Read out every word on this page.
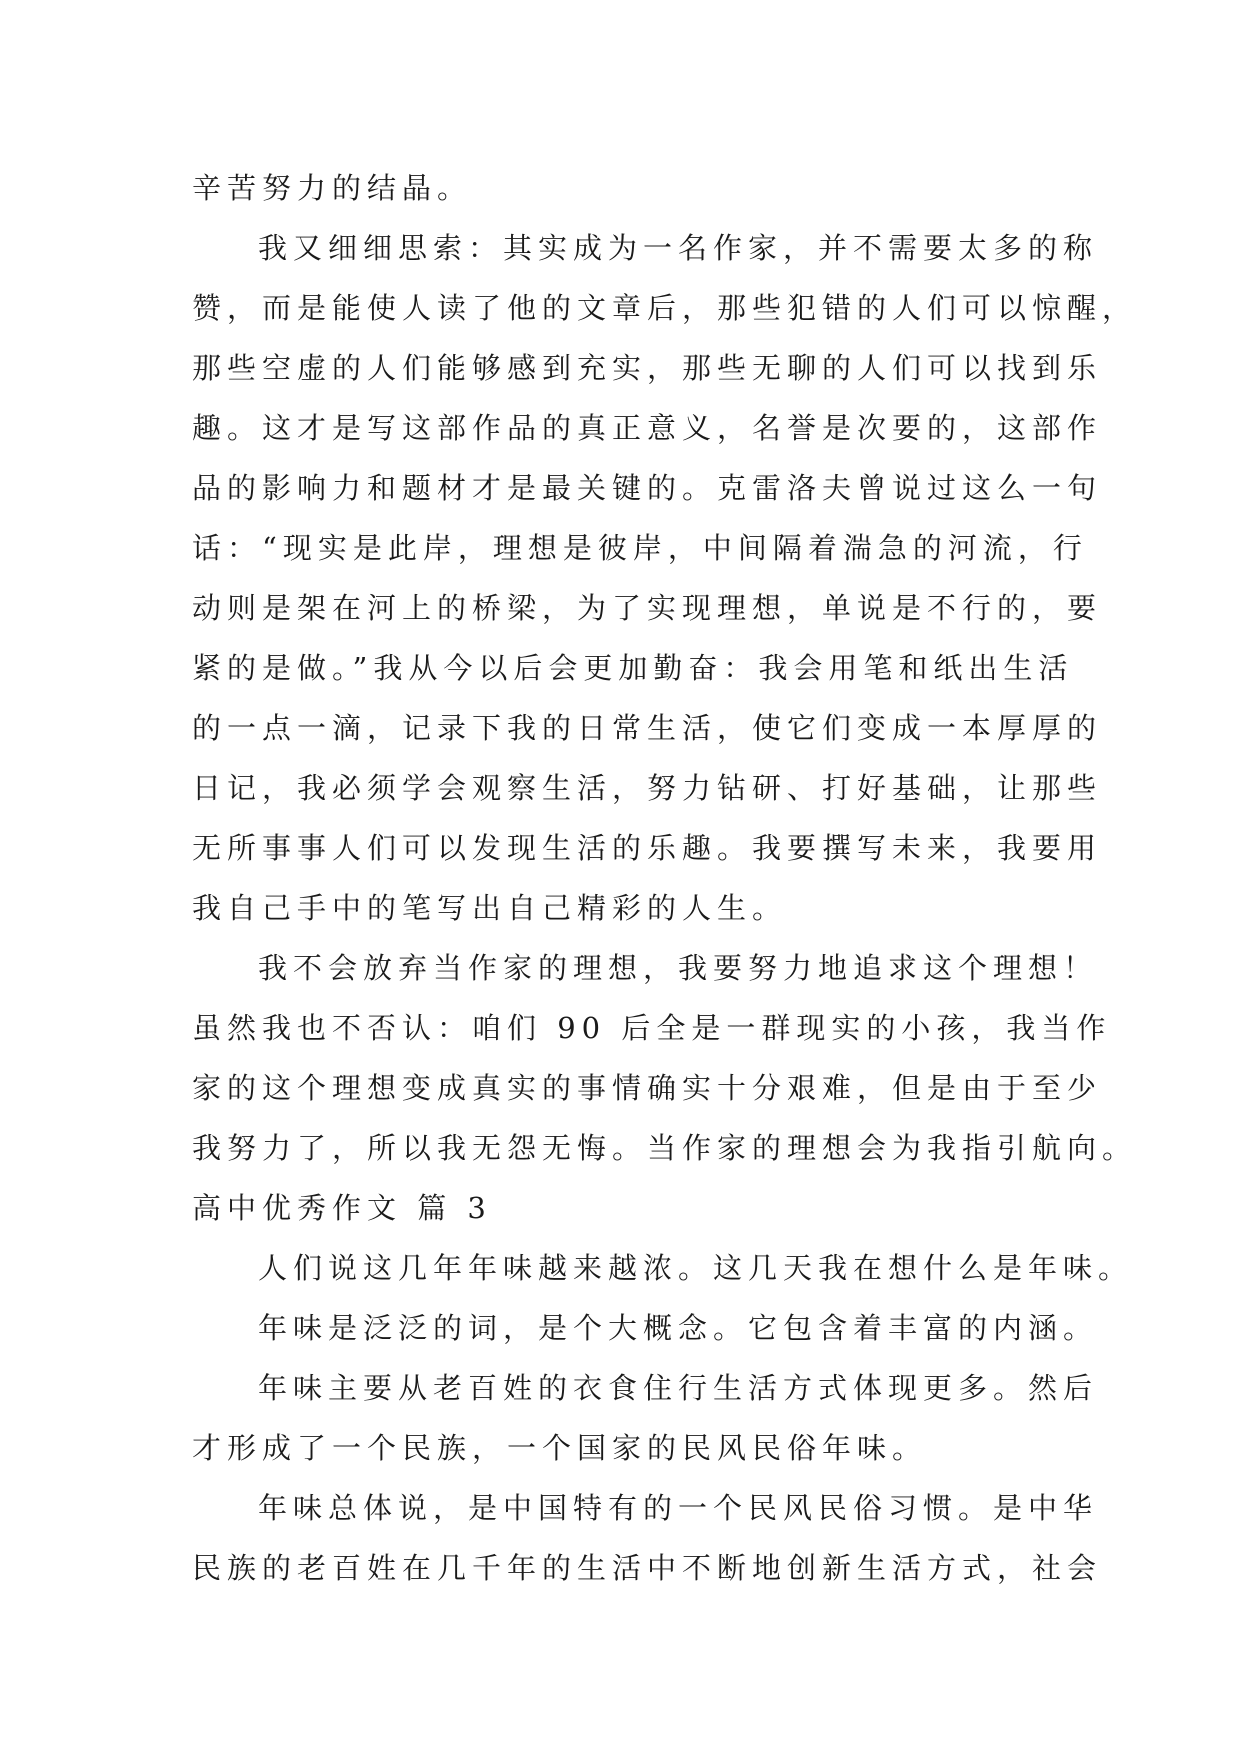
辛苦努力的结晶。
我又细细思索：其实成为一名作家，并不需要太多的称
赞，而是能使人读了他的文章后，那些犯错的人们可以惊醒，
那些空虚的人们能够感到充实，那些无聊的人们可以找到乐
趣。这才是写这部作品的真正意义，名誉是次要的，这部作
品的影响力和题材才是最关键的。克雷洛夫曾说过这么一句
话：“现实是此岸，理想是彼岸，中间隔着湍急的河流，行
动则是架在河上的桥梁，为了实现理想，单说是不行的，要
紧的是做。”我从今以后会更加勤奋：我会用笔和纸出生活
的一点一滴，记录下我的日常生活，使它们变成一本厚厚的
日记，我必须学会观察生活，努力钻研、打好基础，让那些
无所事事人们可以发现生活的乐趣。我要撰写未来，我要用
我自己手中的笔写出自己精彩的人生。
我不会放弃当作家的理想，我要努力地追求这个理想！
虽然我也不否认：咱们 90 后全是一群现实的小孩，我当作
家的这个理想变成真实的事情确实十分艰难，但是由于至少
我努力了，所以我无怨无悔。当作家的理想会为我指引航向。
高中优秀作文 篇 3
人们说这几年年味越来越浓。这几天我在想什么是年味。
年味是泛泛的词，是个大概念。它包含着丰富的内涵。
年味主要从老百姓的衣食住行生活方式体现更多。然后
才形成了一个民族，一个国家的民风民俗年味。
年味总体说，是中国特有的一个民风民俗习惯。是中华
民族的老百姓在几千年的生活中不断地创新生活方式，社会
